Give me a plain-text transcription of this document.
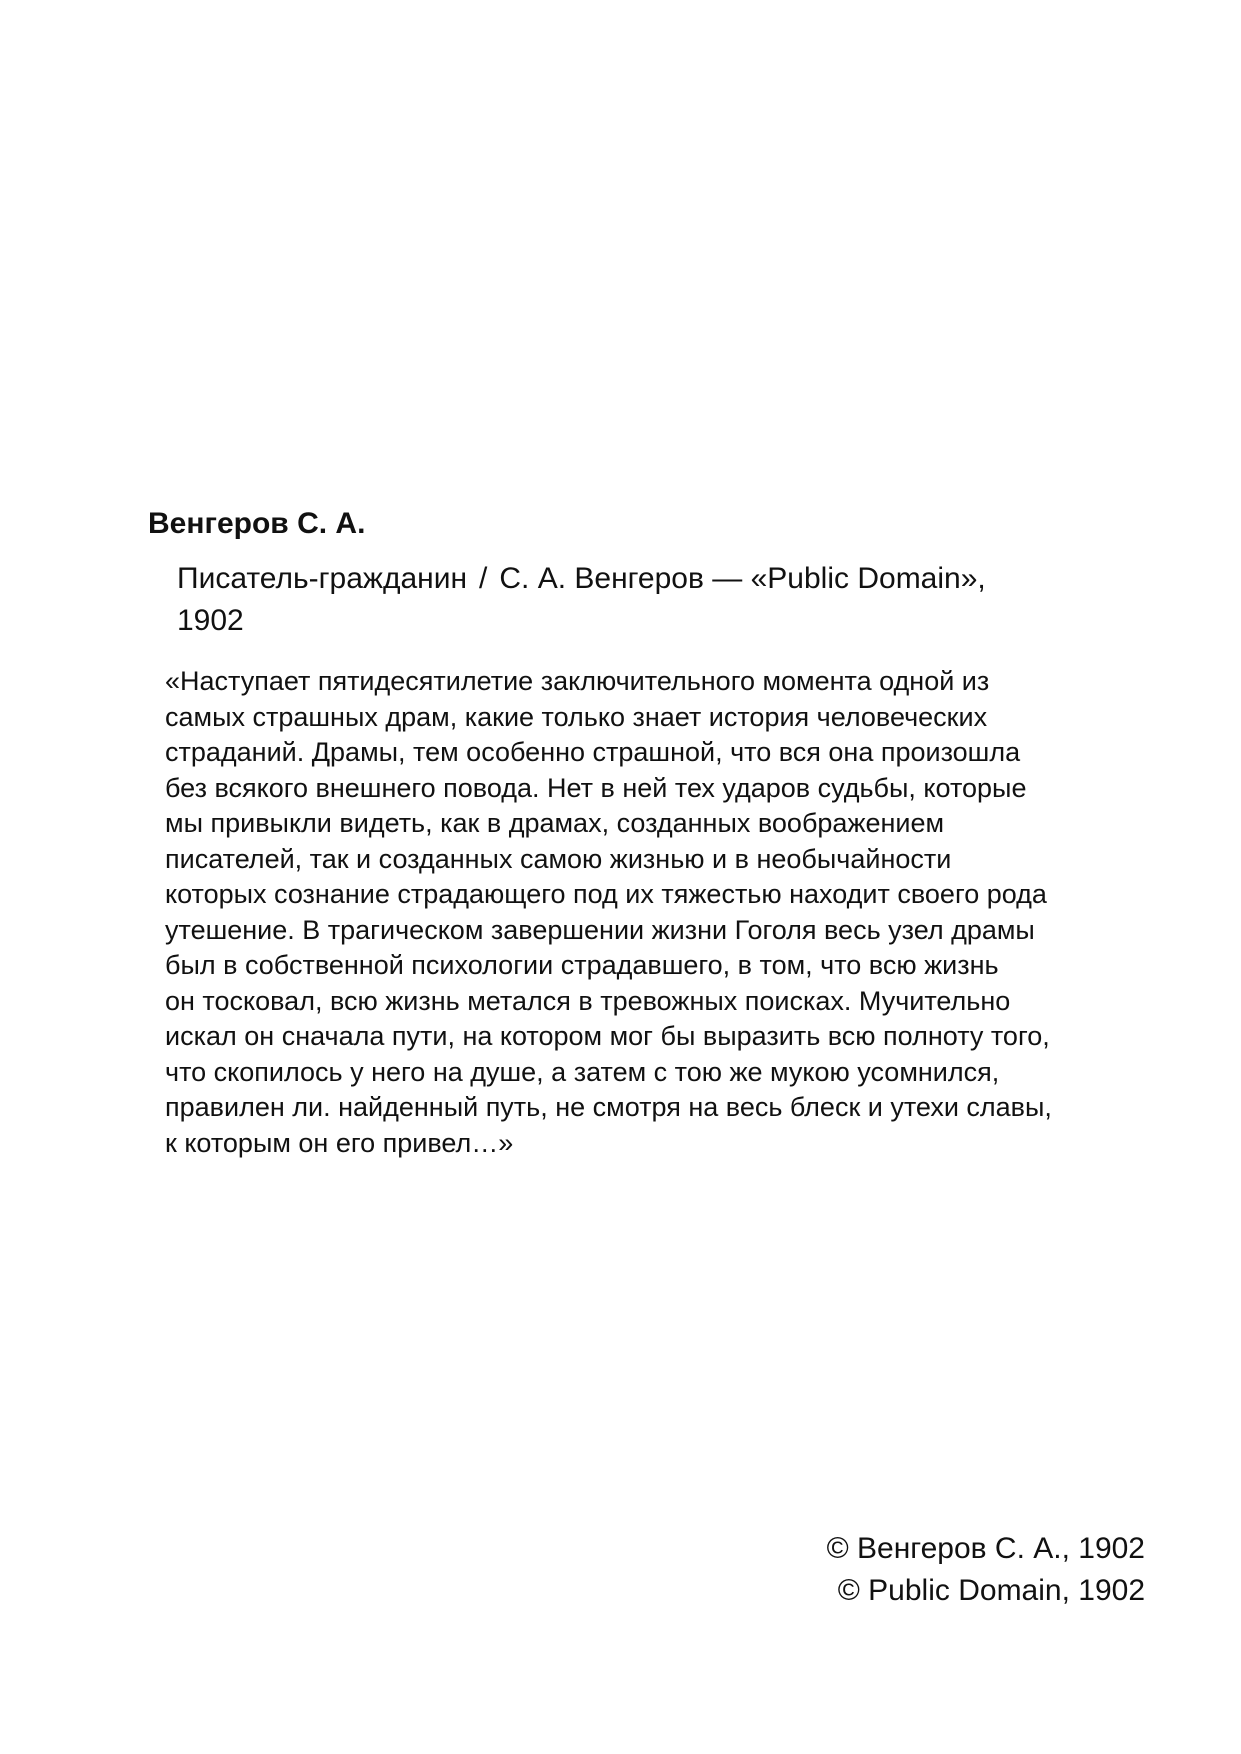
Венгеров С. А.

Писатель-гражданин / С. А. Венгеров — «Public Domain»,
1902

«Наступает пятидесятилетие заключительного момента одной из
самых страшных драм, какие только знает история человеческих
страданий. Драмы, тем особенно страшной, что вся она произошла
без всякого внешнего повода. Нет в ней тех ударов судьбы, которые
мы привыкли видеть, как в драмах, созданных воображением
писателей, так и созданных самою жизнью и в необычайности
которых сознание страдающего под их тяжестью находит своего рода
утешение. В трагическом завершении жизни Гоголя весь узел драмы
был в собственной психологии страдавшего, в том, что всю жизнь
он тосковал, всю жизнь метался в тревожных поисках. Мучительно
искал он сначала пути, на котором мог бы выразить всю полноту того,
что скопилось у него на душе, а затем с тою же мукою усомнился,
правилен ли. найденный путь, не смотря на весь блеск и утехи славы,
к которым он его привел…»
© Венгеров С. А., 1902
© Public Domain, 1902
